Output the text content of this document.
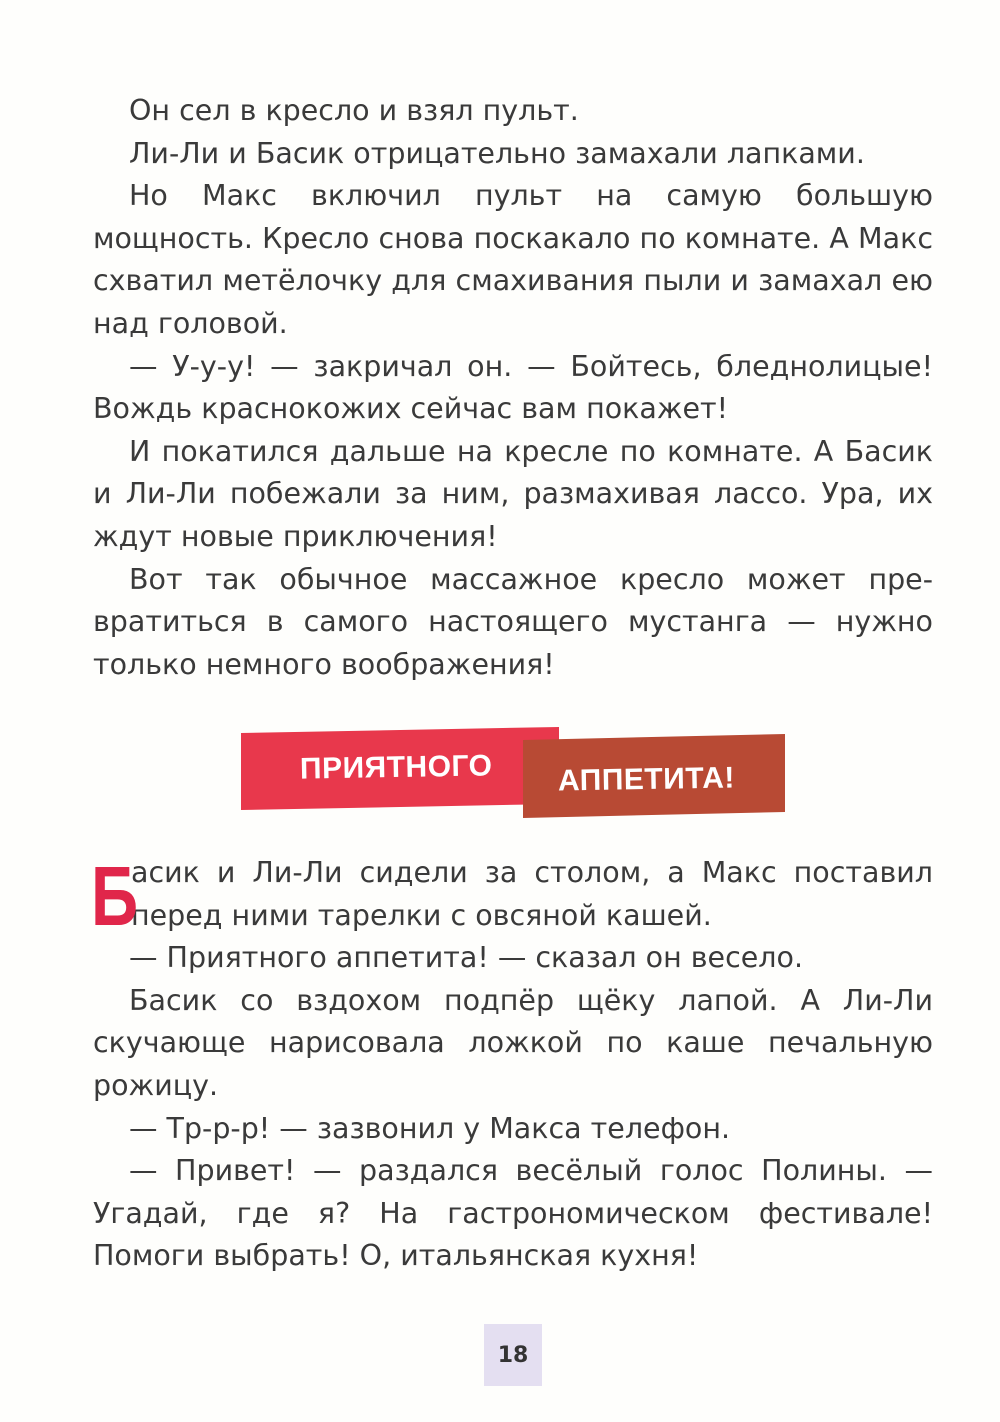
Он сел в кресло и взял пульт.

Ли-Ли и Басик отрицательно замахали лапками.

Но Макс включил пульт на самую большую мощность. Кресло снова поскакало по комнате. А Макс схватил метёлочку для смахивания пыли и замахал ею над головой.

— У-у-у! — закричал он. — Бойтесь, бледнолицые! Вождь краснокожих сейчас вам покажет!

И покатился дальше на кресле по комнате. А Басик и Ли-Ли побежали за ним, размахивая лассо. Ура, их ждут новые приключения!

Вот так обычное массажное кресло может превратиться в самого настоящего мустанга — нужно только немного воображения!

ПРИЯТНОГО АППЕТИТА!

Б
асик и Ли-Ли сидели за столом, а Макс поставил перед ними тарелки с овсяной кашей.

— Приятного аппетита! — сказал он весело.

Басик со вздохом подпёр щёку лапой. А Ли-Ли скучающе нарисовала ложкой по каше печальную рожицу.

— Тр-р-р! — зазвонил у Макса телефон.

— Привет! — раздался весёлый голос Полины. — Угадай, где я? На гастрономическом фестивале! Помоги выбрать! О, итальянская кухня!

18
